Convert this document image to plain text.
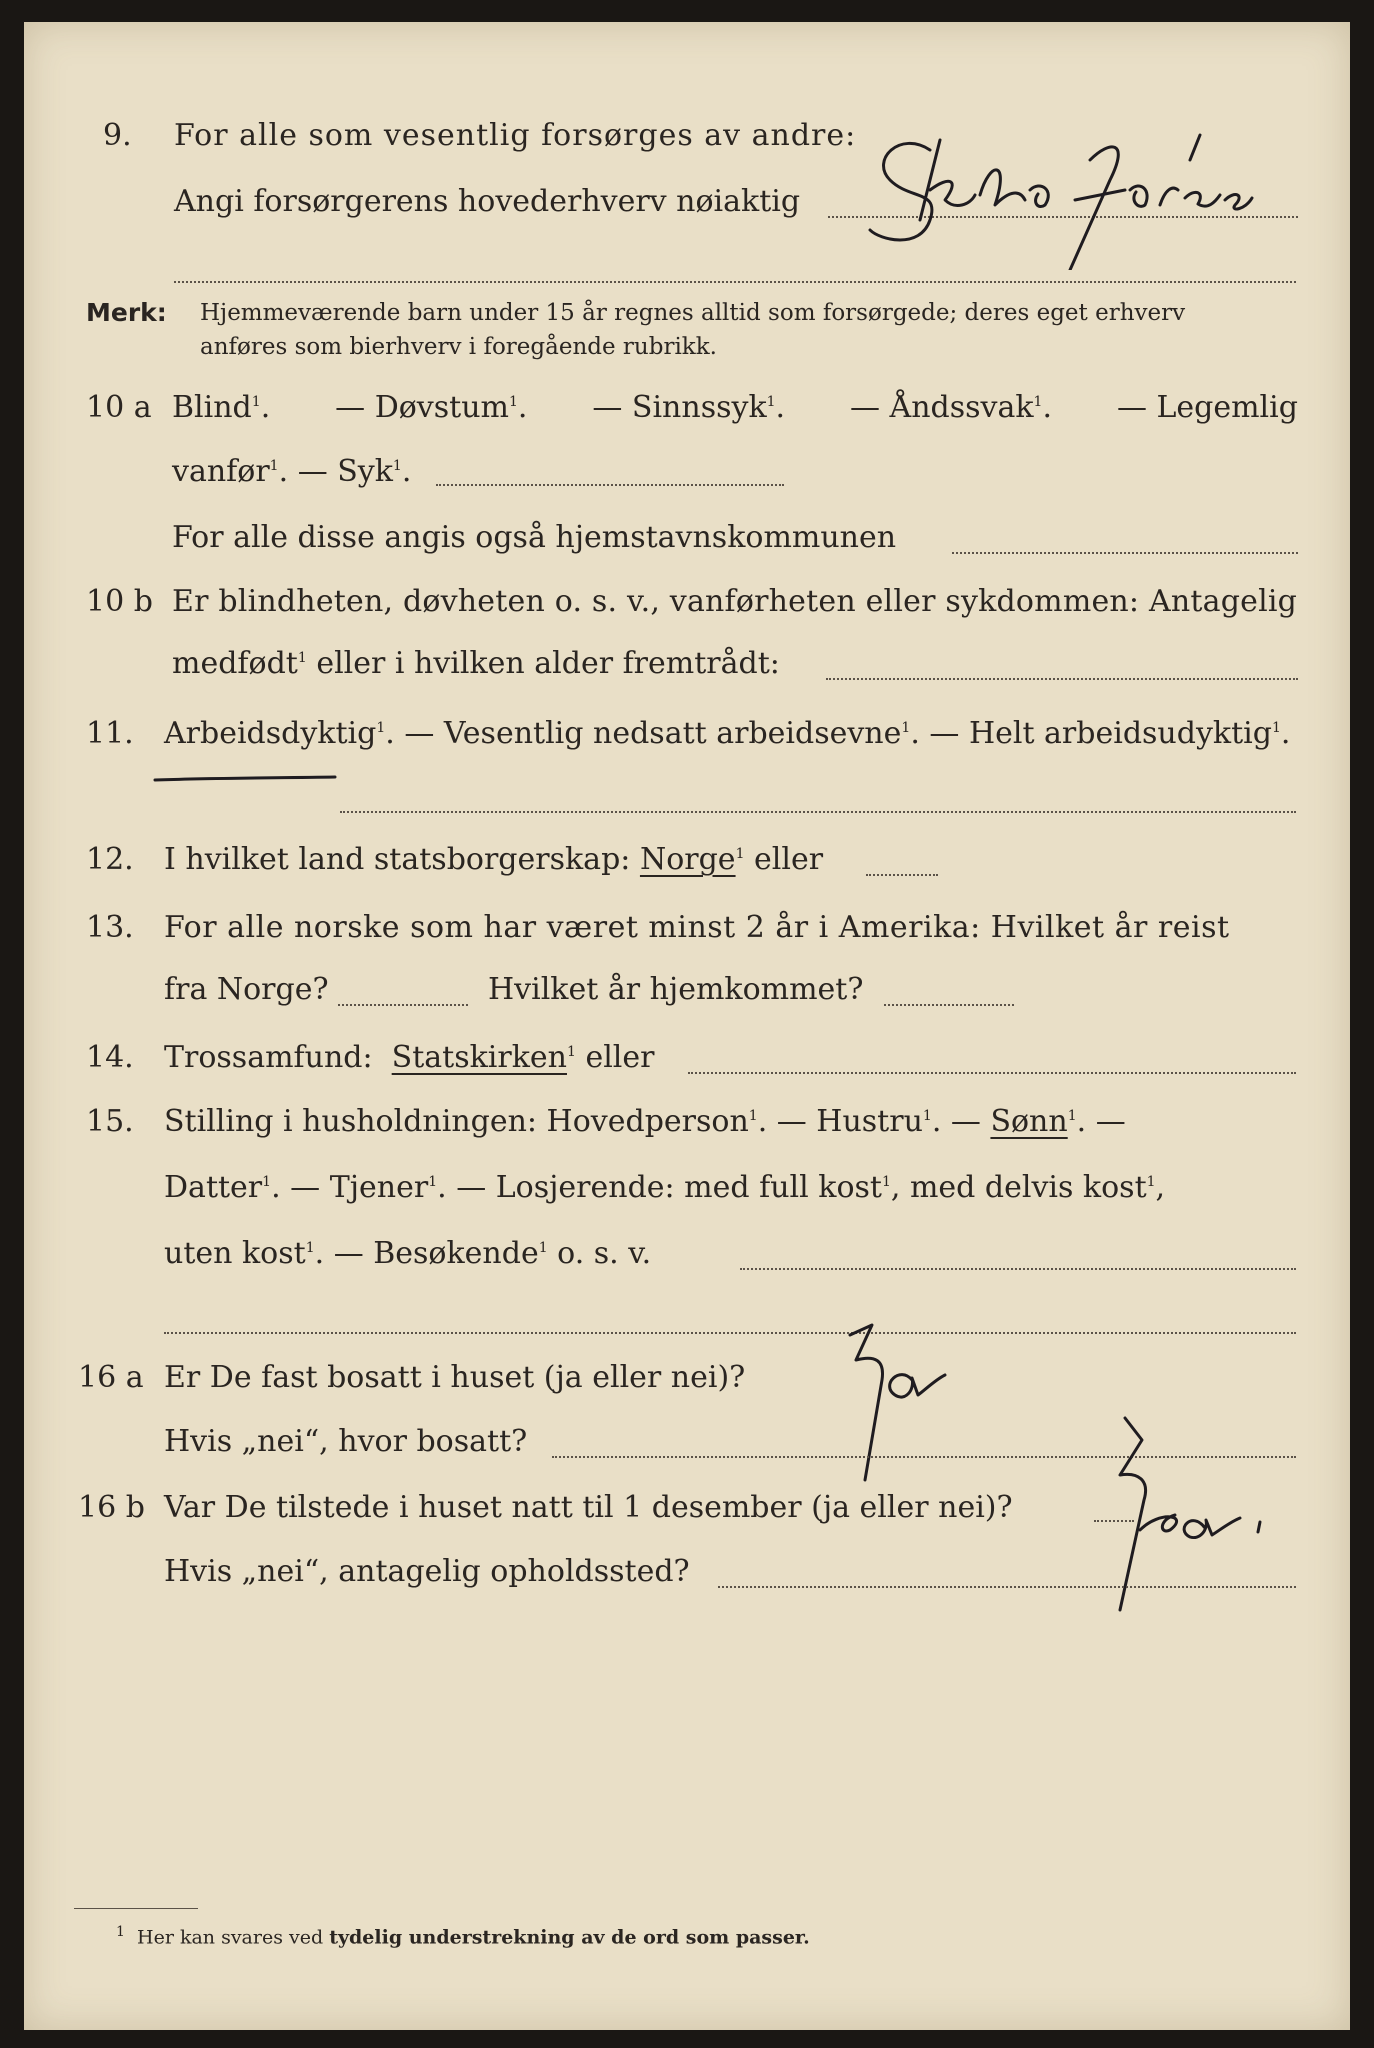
9. For alle som vesentlig forsørges av andre:
Angi forsørgerens hovederhverv nøiaktig
Merk: Hjemmeværende barn under 15 år regnes alltid som forsørgede; deres eget erhverv
anføres som bierhverv i foregående rubrikk.
10 a Blind$^1$. — Døvstum$^1$. — Sinnssyk$^1$. — Åndssvak$^1$. — Legemlig
vanfør$^1$. — Syk$^1$.
For alle disse angis også hjemstavnskommunen
10 b Er blindheten, døvheten o. s. v., vanførheten eller sykdommen: Antagelig
medfødt$^1$ eller i hvilken alder fremtrådt:
11. Arbeidsdyktig$^1$. — Vesentlig nedsatt arbeidsevne$^1$. — Helt arbeidsudyktig$^1$.
12. I hvilket land statsborgerskap: Norge$^1$ eller
13. For alle norske som har været minst 2 år i Amerika: Hvilket år reist
fra Norge?	Hvilket år hjemkommet?
14. Trossamfund: Statskirken$^1$ eller
15. Stilling i husholdningen: Hovedperson$^1$. — Hustru$^1$. — Sønn$^1$. —
Datter$^1$. — Tjener$^1$. — Losjerende: med full kost$^1$, med delvis kost$^1$,
uten kost$^1$. — Besøkende$^1$ o. s. v.
16 a Er De fast bosatt i huset (ja eller nei)?
Hvis „nei“, hvor bosatt?
16 b Var De tilstede i huset natt til 1 desember (ja eller nei)?
Hvis „nei“, antagelig opholdssted?
$^1$ Her kan svares ved tydelig understrekning av de ord som passer.
